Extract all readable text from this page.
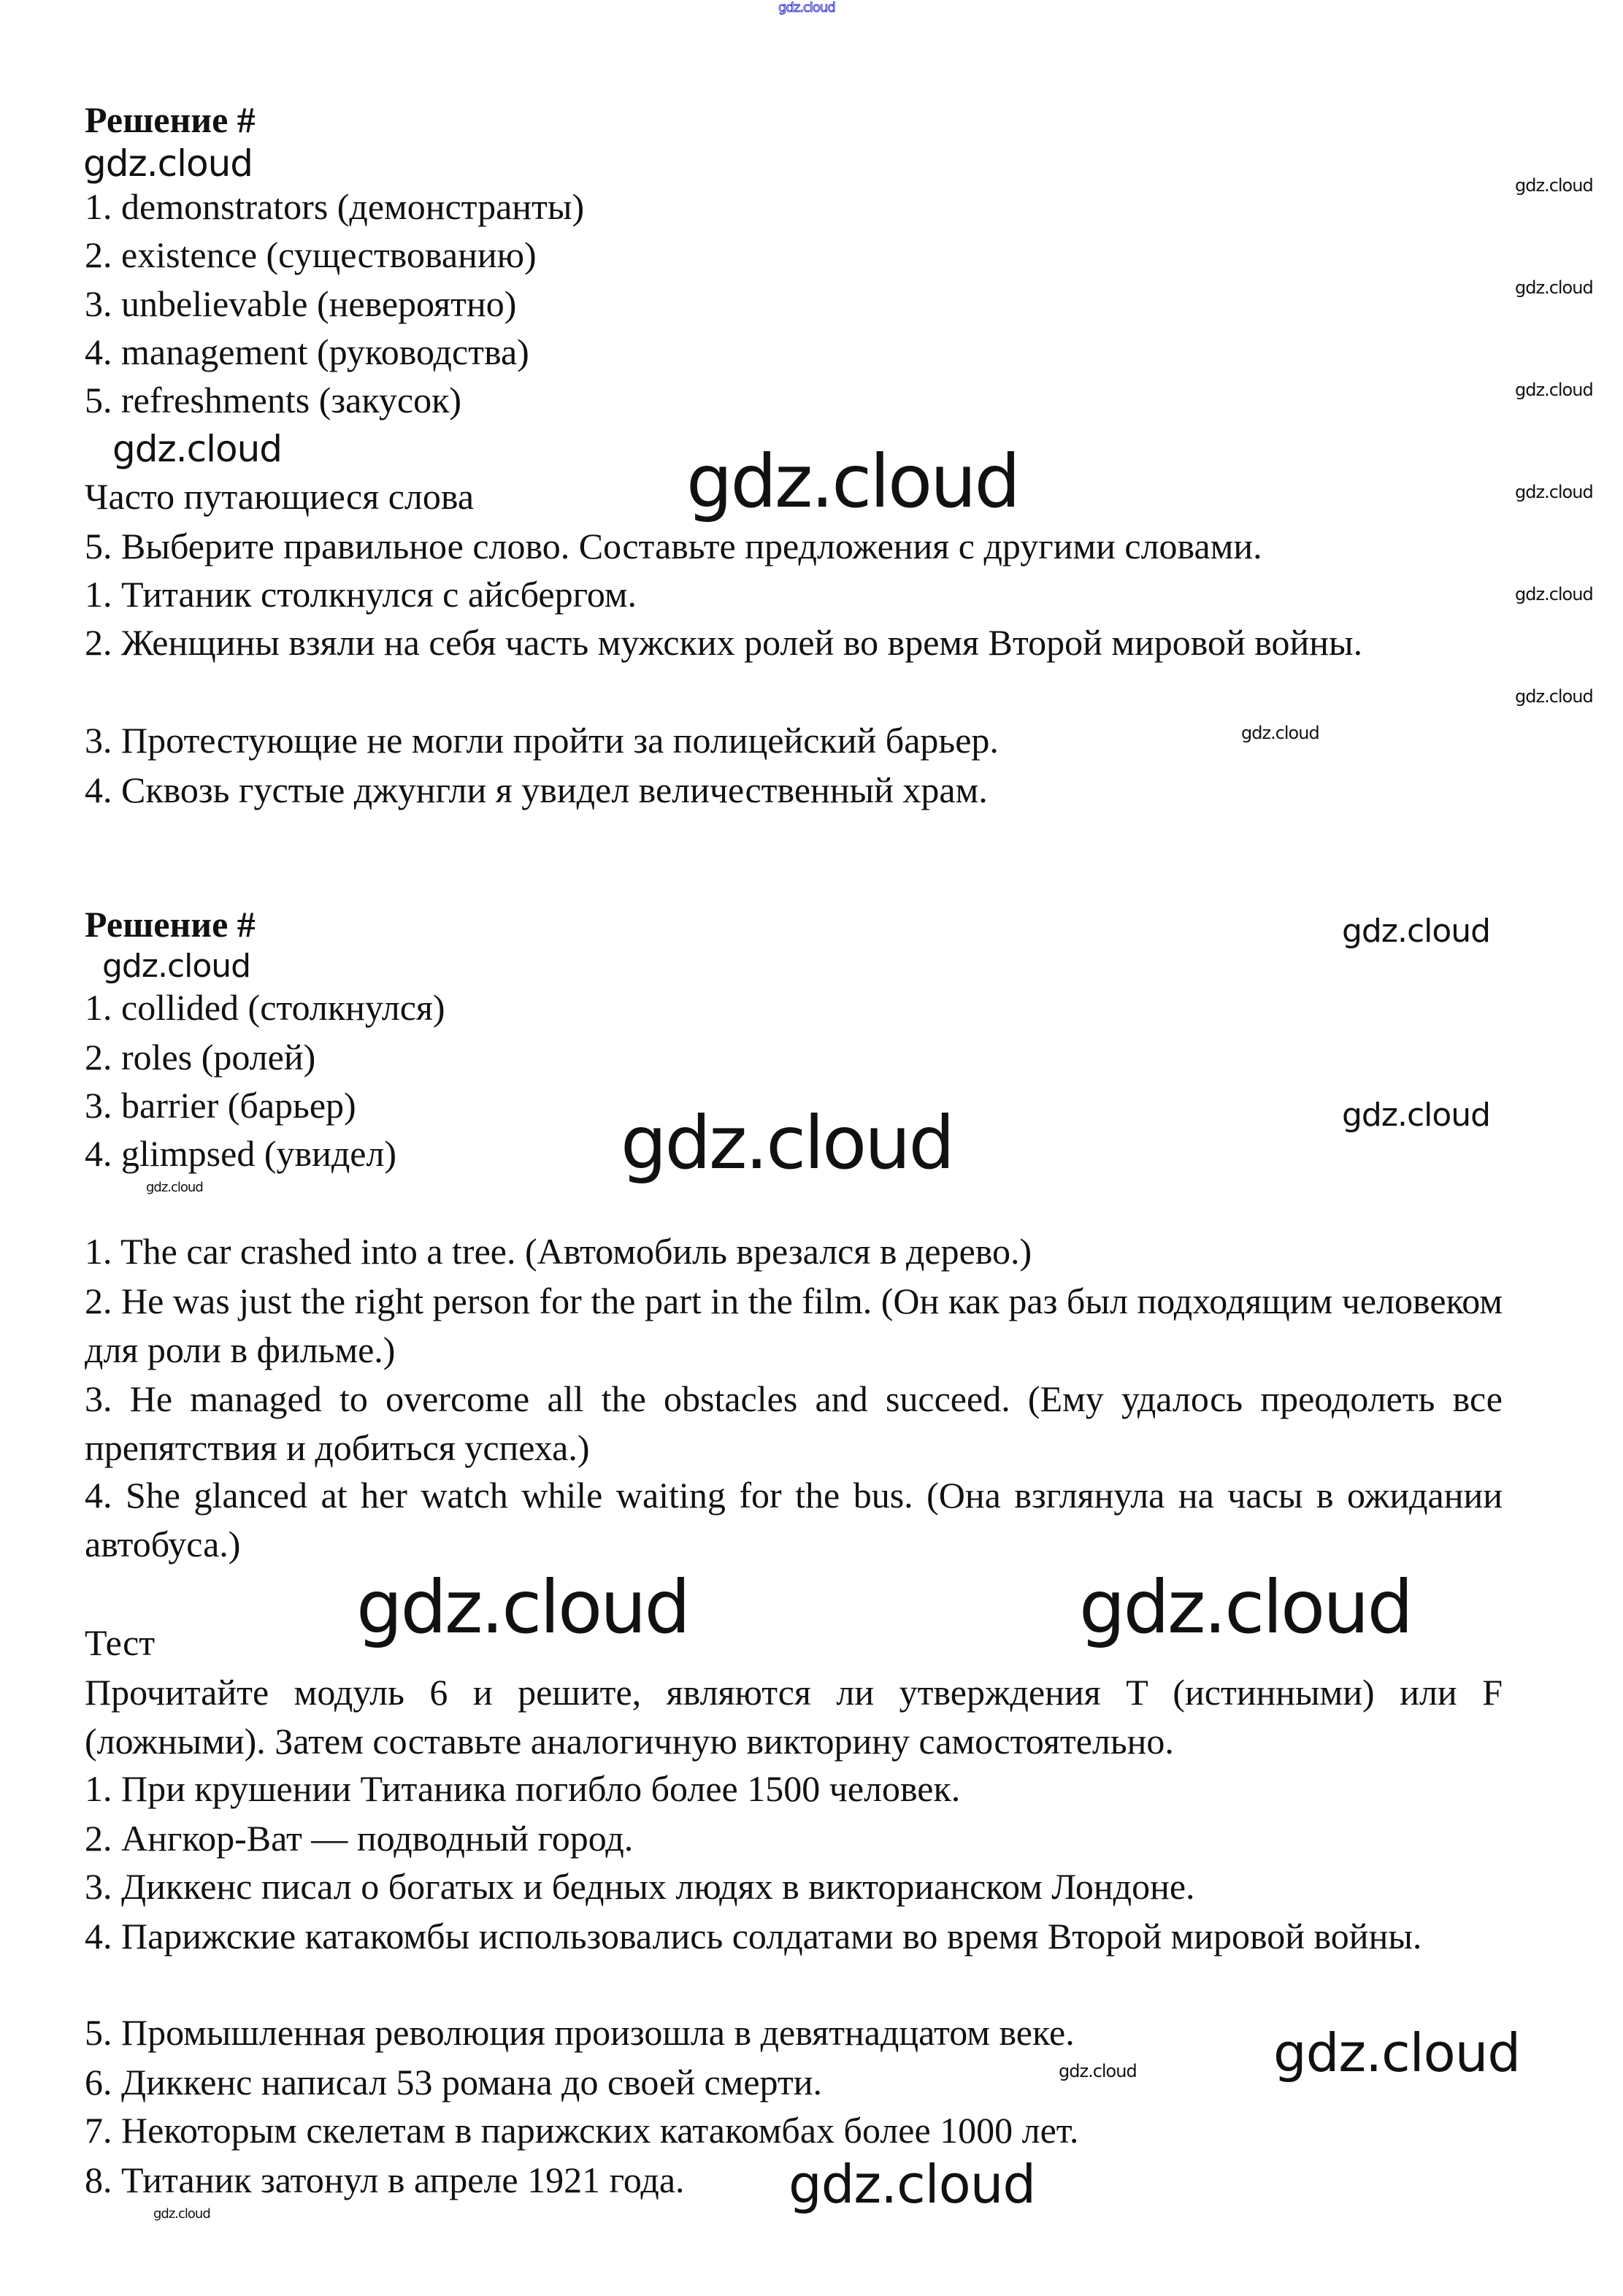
gdz.cloud
gdz.cloud
gdz.cloud
gdz.cloud
gdz.cloud
gdz.cloud
gdz.cloud
gdz.cloud
gdz.cloud	gdz.cloud
gdz.cloud
gdz.cloud
gdz.cloud
gdz.cloud
gdz.cloud
gdz.cloud
gdz.cloud	gdz.cloud
gdz.cloud
gdz.cloud
gdz.cloud	gdz.cloud
Решение #
1. demonstrators (демонстранты)
2. existence (существованию)
3. unbelievable (невероятно)
4. management (руководства)
5. refreshments (закусок)
Часто путающиеся слова
5. Выберите правильное слово. Составьте предложения с другими словами.
1. Титаник столкнулся с айсбергом.
2. Женщины взяли на себя часть мужских ролей во время Второй мировой войны.
3. Протестующие не могли пройти за полицейский барьер.
4. Сквозь густые джунгли я увидел величественный храм.
Решение #
1. collided (столкнулся)
2. roles (ролей)
3. barrier (барьер)
4. glimpsed (увидел)
1. The car crashed into a tree. (Автомобиль врезался в дерево.)
2. He was just the right person for the part in the film. (Он как раз был подходящим человеком для роли в фильме.)
3. He managed to overcome all the obstacles and succeed. (Ему удалось преодолеть все препятствия и добиться успеха.)
4. She glanced at her watch while waiting for the bus. (Она взглянула на часы в ожидании автобуса.)
Тест
Прочитайте модуль 6 и решите, являются ли утверждения T (истинными) или F (ложными). Затем составьте аналогичную викторину самостоятельно.
1. При крушении Титаника погибло более 1500 человек.
2. Ангкор-Ват — подводный город.
3. Диккенс писал о богатых и бедных людях в викторианском Лондоне.
4. Парижские катакомбы использовались солдатами во время Второй мировой войны.
5. Промышленная революция произошла в девятнадцатом веке.
6. Диккенс написал 53 романа до своей смерти.
7. Некоторым скелетам в парижских катакомбах более 1000 лет.
8. Титаник затонул в апреле 1921 года.
